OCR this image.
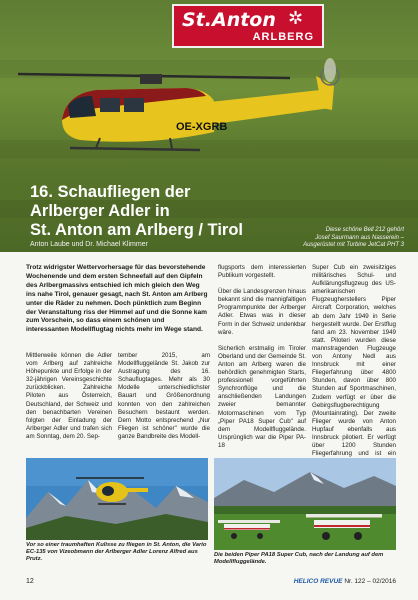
St.Anton ✲
ARLBERG
OE-XGRB
16. Schaufliegen der
Arlberger Adler in
St. Anton am Arlberg / Tirol
Anton Laube und Dr. Michael Klimmer
Diese schöne Bell 212 gehört
Josef Saurmann aus Nasserein –
Ausgerüstet mit Turbine JetCat PHT 3
Trotz widrigster Wettervorhersage für das bevorstehende Wochenende und dem ersten Schneefall auf den Gipfeln des Arlbergmassivs entschied ich mich gleich den Weg ins nahe Tirol, genauer gesagt, nach St. Anton am Arlberg unter die Räder zu nehmen. Doch pünktlich zum Beginn der Veranstaltung riss der Himmel auf und die Sonne kam zum Vorschein, so dass einem schönen und interessanten Modellflugtag nichts mehr im Wege stand.

Mittlerweile können die Adler vom Arlberg auf zahlreiche Höhepunkte und Erfolge in der 32-jährigen Vereinsgeschichte zurückblicken. Zahlreiche Piloten aus Österreich, Deutschland, der Schweiz und den benachbarten Vereinen folgten der Einladung der Arlberger Adler und trafen sich am Sonntag, dem 20. Sep-

tember 2015, am Modellfluggelände St. Jakob zur Austragung des 16. Schauflugtages. Mehr als 30 Modelle unterschiedlichster Bauart und Größenordnung konnten von den zahlreichen Besuchern bestaunt werden. Dem Motto entsprechend „Nur Fliegen ist schöner" wurde die ganze Bandbreite des Modell-

flugsports dem interessierten Publikum vorgestellt.

Über die Landesgrenzen hinaus bekannt sind die mannigfaltigen Programmpunkte der Arlberger Adler. Etwas was in dieser Form in der Schweiz undenkbar wäre.

Sicherlich erstmalig im Tiroler Oberland und der Gemeinde St. Anton am Arlberg waren die behördlich genehmigten Starts, professionell vorgeführten Synchronflüge und die anschließenden Landungen zweier bemannter Motormaschinen vom Typ „Piper PA18 Super Cub" auf dem Modellfluggelände. Ursprünglich war die Piper PA-18

Super Cub ein zweisitziges militärisches Schul- und Aufklärungsflugzeug des US-amerikanischen Flugzeugherstellers Piper Aircraft Corporation, welches ab dem Jahr 1949 in Serie hergestellt wurde. Der Erstflug fand am 23. November 1949 statt. Piloteri wurden diese mannstragenden Flugzeuge von Antony Nedl aus Innsbruck mit einer Fliegerfahrung über 4800 Stunden, davon über 800 Stunden auf Sportmaschinen, Zudem verfügt er über die Gebirgsflugberechtigung (Mountainrating). Der zweite Flieger wurde von Anton Hupfauf ebenfalls aus Innsbruck pilotiert. Er verfügt über 1200 Stunden Fliegerfahrung und ist ein

Vor so einer traumhaften Kulisse zu fliegen in St. Anton, die Vario EC-135 von Vizeobmann der Arlberger Adler Lorenz Alfred aus Prutz.
Die beiden Piper PA18 Super Cub, nach der Landung auf dem Modellfluggelände.
12	HELICO REVUE Nr. 122 – 02/2016
